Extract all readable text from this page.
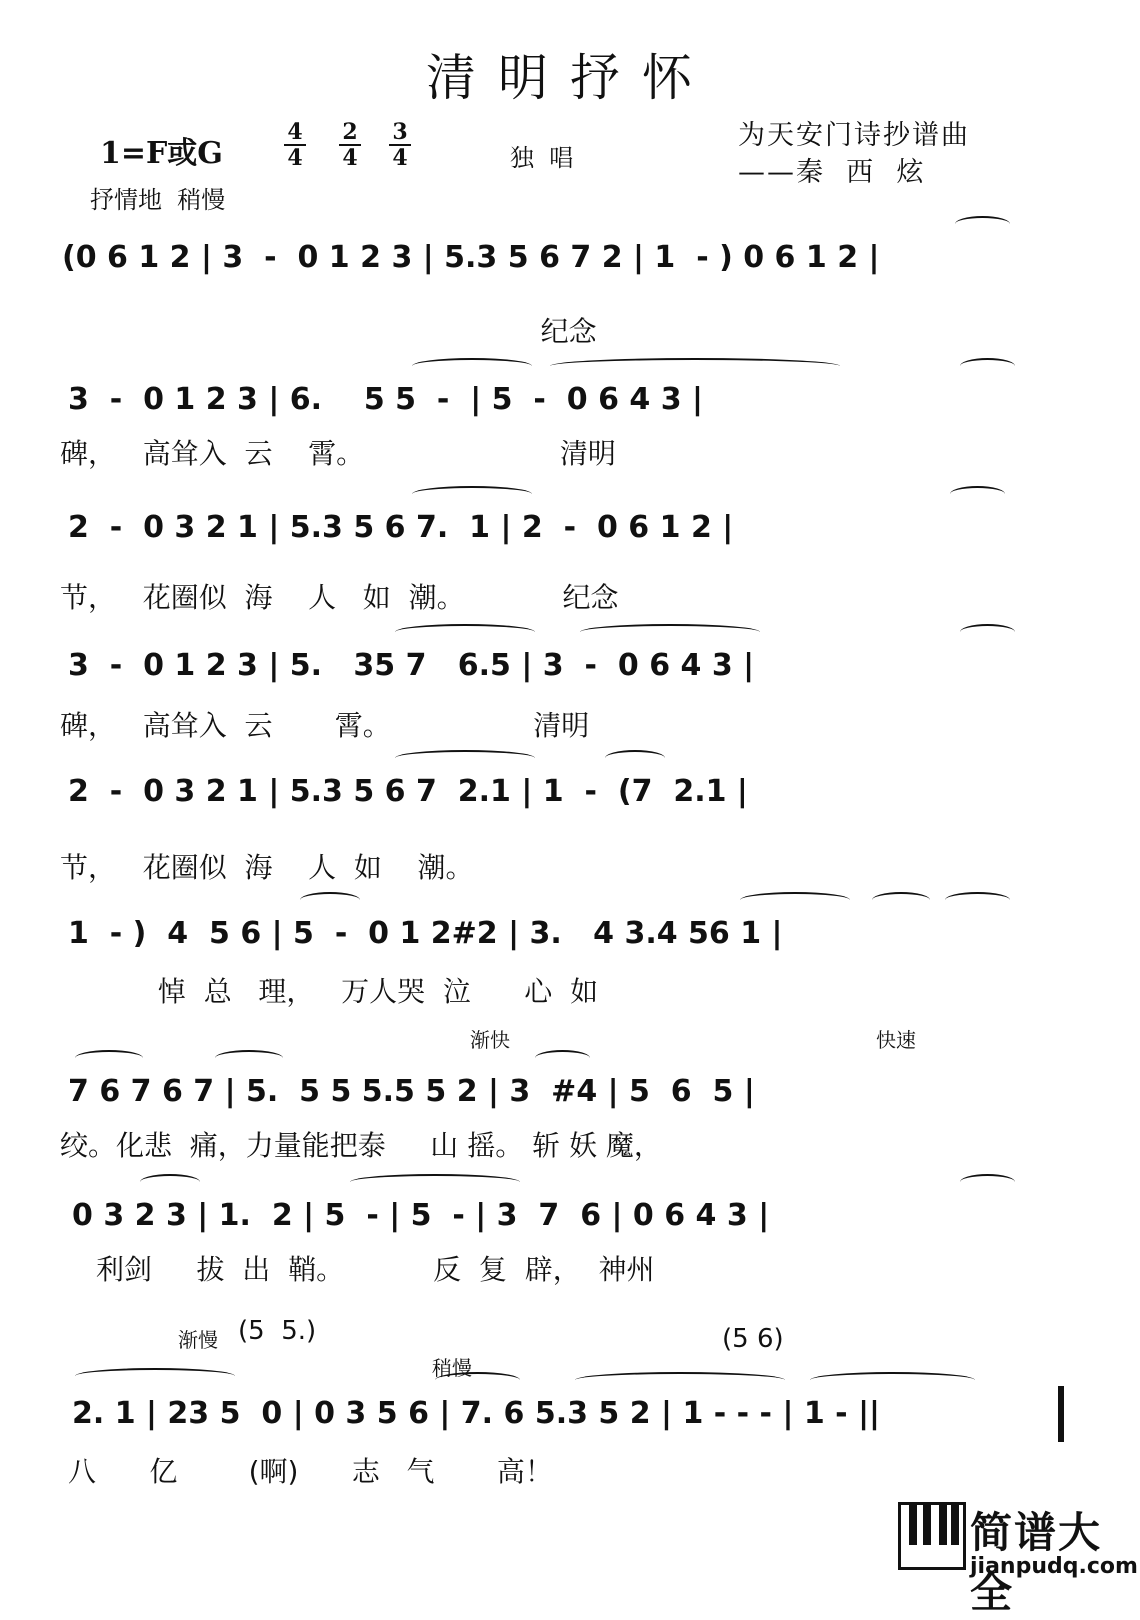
清明抒怀
1=F或G
4
4
2
4
3
4	独  唱
为天安门诗抄谱曲
——秦  西  炫
抒情地  稍慢
(0 6 1 2 | 3  -  0 1 2 3 | 5.3 5 6 7 2 | 1  - ) 0 6 1 2 |
纪念
3  -  0 1 2 3 | 6.    5 5  -  | 5  -  0 6 4 3 |
碑，   高耸入  云    霄。                      清明
2  -  0 3 2 1 | 5.3 5 6 7.  1 | 2  -  0 6 1 2 |
节，   花圈似  海    人   如  潮。           纪念
3  -  0 1 2 3 | 5.   35 7   6.5 | 3  -  0 6 4 3 |
碑，   高耸入  云       霄。                清明
2  -  0 3 2 1 | 5.3 5 6 7  2.1 | 1  -  (7  2.1 |
节，   花圈似  海    人  如    潮。
1  - )  4  5 6 | 5  -  0 1 2#2 | 3.   4 3.4 56 1 |
悼  总   理，   万人哭  泣      心  如
渐快	快速
7 6 7 6 7 | 5.  5 5 5.5 5 2 | 3  #4 | 5  6  5 |
绞。化悲  痛，力量能把泰     山 摇。 斩 妖 魔，
0 3 2 3 | 1.  2 | 5  - | 5  - | 3  7  6 | 0 6 4 3 |
利剑     拔  出  鞘。          反  复  辟，  神州
渐慢 (5  5.)
稍慢
(5 6)
2. 1 | 23 5  0 | 0 3 5 6 | 7. 6 5.3 5 2 | 1 - - - | 1 - ||
八      亿        (啊)      志   气       高！
简谱大全
jianpudq.com
